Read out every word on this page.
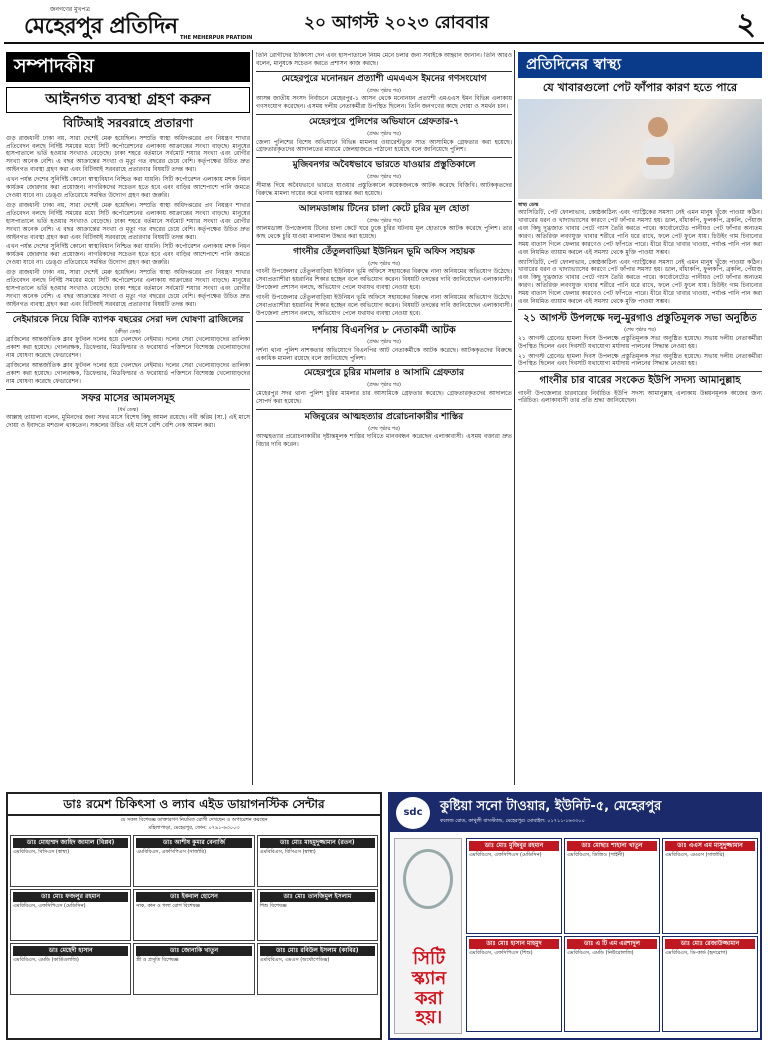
জনগণের মুখপত্র
মেহেরপুর প্রতিদিন THE MEHERPUR PRATIDIN
২০ আগস্ট ২০২৩ রোববার	২
সম্পাদকীয়
আইনগত ব্যবস্থা গ্রহণ করুন
বিটিআই সরবরাহে প্রতারণা

গুড় রাজধানী ঢাকা নয়, সারা দেশেই মেরু হয়েছিল। সম্প্রতি স্বাস্থ্য অধিদপ্তরের প্রণ নিয়ন্ত্রণ শাখার প্রতিবেদন বলছে নির্দিষ্ট সময়ের মধ্যে সিটি কর্পোরেশনের এলাকায় আক্রান্তের সংখ্যা বাড়ছে। মানুষের হাসপাতালে ভর্তি হওয়ার সংখ্যাও বেড়েছে। ঢাকা শহরে বর্তমানে সর্বমোট শয্যার সংখ্যা এবং রোগীর সংখ্যা অনেক বেশি। এ বছর আক্রান্তের সংখ্যা ও মৃত্যু গত বছরের চেয়ে বেশি। কর্তৃপক্ষের উচিত দ্রুত আইনগত ব্যবস্থা গ্রহণ করা এবং বিটিআই সরবরাহে প্রতারণার বিষয়টি তদন্ত করা।

এখন পর্যন্ত দেশের সুনির্দিষ্ট কোনো স্বাস্থ্যবিধান নিশ্চিত করা যায়নি। সিটি কর্পোরেশন এলাকায় মশক নিধন কার্যক্রম জোরদার করা প্রয়োজন। নাগরিকদের সচেতন হতে হবে এবং বাড়ির আশেপাশে পানি জমতে দেওয়া যাবে না। ডেঙ্গু প্রতিরোধে সমন্বিত উদ্যোগ গ্রহণ করা জরুরি।

গুড় রাজধানী ঢাকা নয়, সারা দেশেই মেরু হয়েছিল। সম্প্রতি স্বাস্থ্য অধিদপ্তরের প্রণ নিয়ন্ত্রণ শাখার প্রতিবেদন বলছে নির্দিষ্ট সময়ের মধ্যে সিটি কর্পোরেশনের এলাকায় আক্রান্তের সংখ্যা বাড়ছে। মানুষের হাসপাতালে ভর্তি হওয়ার সংখ্যাও বেড়েছে। ঢাকা শহরে বর্তমানে সর্বমোট শয্যার সংখ্যা এবং রোগীর সংখ্যা অনেক বেশি। এ বছর আক্রান্তের সংখ্যা ও মৃত্যু গত বছরের চেয়ে বেশি। কর্তৃপক্ষের উচিত দ্রুত আইনগত ব্যবস্থা গ্রহণ করা এবং বিটিআই সরবরাহে প্রতারণার বিষয়টি তদন্ত করা।

এখন পর্যন্ত দেশের সুনির্দিষ্ট কোনো স্বাস্থ্যবিধান নিশ্চিত করা যায়নি। সিটি কর্পোরেশন এলাকায় মশক নিধন কার্যক্রম জোরদার করা প্রয়োজন। নাগরিকদের সচেতন হতে হবে এবং বাড়ির আশেপাশে পানি জমতে দেওয়া যাবে না। ডেঙ্গু প্রতিরোধে সমন্বিত উদ্যোগ গ্রহণ করা জরুরি।

গুড় রাজধানী ঢাকা নয়, সারা দেশেই মেরু হয়েছিল। সম্প্রতি স্বাস্থ্য অধিদপ্তরের প্রণ নিয়ন্ত্রণ শাখার প্রতিবেদন বলছে নির্দিষ্ট সময়ের মধ্যে সিটি কর্পোরেশনের এলাকায় আক্রান্তের সংখ্যা বাড়ছে। মানুষের হাসপাতালে ভর্তি হওয়ার সংখ্যাও বেড়েছে। ঢাকা শহরে বর্তমানে সর্বমোট শয্যার সংখ্যা এবং রোগীর সংখ্যা অনেক বেশি। এ বছর আক্রান্তের সংখ্যা ও মৃত্যু গত বছরের চেয়ে বেশি। কর্তৃপক্ষের উচিত দ্রুত আইনগত ব্যবস্থা গ্রহণ করা এবং বিটিআই সরবরাহে প্রতারণার বিষয়টি তদন্ত করা।

নেইমারকে নিয়ে বিক্রি ব্যাপক বছরের সেরা দল ঘোষণা ব্রাজিলের
(ক্রীড়া ডেস্ক)

ব্রাজিলের আন্তর্জাতিক ক্লাব ফুটবল দলের হয়ে খেলছেন নেইমার। দলের সেরা খেলোয়াড়দের তালিকা প্রকাশ করা হয়েছে। গোলরক্ষক, ডিফেন্ডার, মিডফিল্ডার ও ফরোয়ার্ড পজিশনে বিশেষজ্ঞ খেলোয়াড়দের নাম ঘোষণা করেছে ফেডারেশন।

ব্রাজিলের আন্তর্জাতিক ক্লাব ফুটবল দলের হয়ে খেলছেন নেইমার। দলের সেরা খেলোয়াড়দের তালিকা প্রকাশ করা হয়েছে। গোলরক্ষক, ডিফেন্ডার, মিডফিল্ডার ও ফরোয়ার্ড পজিশনে বিশেষজ্ঞ খেলোয়াড়দের নাম ঘোষণা করেছে ফেডারেশন।

সফর মাসের আমলসমূহ
(ধর্ম ডেস্ক)

আল্লাহ তায়ালা বলেন, মুমিনদের জন্য সফর মাসে বিশেষ কিছু আমল রয়েছে। নবী করিম (সা.) এই মাসে দোয়া ও ইবাদতে মশগুল থাকতেন। সকলের উচিত এই মাসে বেশি বেশি নেক আমল করা।

তিনি রোগীদের চিকিৎসা দেন এবং হাসপাতালে নিয়ম মেনে চলার জন্য সবাইকে আহ্বান জানান। তিনি আরও বলেন, মানুষকে সচেতন করতে প্রশাসন কাজ করছে।

মেহেরপুরে মনোনয়ন প্রত্যাশী এমএএস ইমনের গণসংযোগ
(প্রথম পৃষ্ঠার পর)

আসন্ন জাতীয় সংসদ নির্বাচনে মেহেরপুর-১ আসন থেকে মনোনয়ন প্রত্যাশী এমএএস ইমন বিভিন্ন এলাকায় গণসংযোগ করেছেন। এসময় দলীয় নেতাকর্মীরা উপস্থিত ছিলেন। তিনি জনগণের কাছে দোয়া ও সমর্থন চান।

মেহেরপুরে পুলিশের অভিযানে গ্রেফতার-৭
(প্রথম পৃষ্ঠার পর)

জেলা পুলিশের বিশেষ অভিযানে বিভিন্ন মামলার ওয়ারেন্টভুক্ত সাত আসামিকে গ্রেফতার করা হয়েছে। গ্রেফতারকৃতদের আদালতের মাধ্যমে জেলহাজতে পাঠানো হয়েছে বলে জানিয়েছে পুলিশ।

মুজিবনগর অবৈধভাবে ভারতে যাওয়ার প্রস্তুতিকালে
(প্রথম পৃষ্ঠার পর)

সীমান্ত দিয়ে অবৈধভাবে ভারতে যাওয়ার প্রস্তুতিকালে কয়েকজনকে আটক করেছে বিজিবি। আটককৃতদের বিরুদ্ধে মামলা দায়ের করে থানায় হস্তান্তর করা হয়েছে।

আলমডাঙ্গায় টিনের চালা কেটে চুরির মূল হোতা
(প্রথম পৃষ্ঠার পর)

আলমডাঙ্গা উপজেলায় টিনের চালা কেটে ঘরে ঢুকে চুরির ঘটনায় মূল হোতাকে আটক করেছে পুলিশ। তার কাছ থেকে চুরি যাওয়া মালামাল উদ্ধার করা হয়েছে।

গাংনীর তেঁতুলবাড়িয়া ইউনিয়ন ভূমি অফিস সহায়ক
(শেষ পৃষ্ঠার পর)

গাংনী উপজেলার তেঁতুলবাড়িয়া ইউনিয়ন ভূমি অফিসে সহায়কের বিরুদ্ধে নানা অনিয়মের অভিযোগ উঠেছে। সেবাপ্রত্যাশীরা হয়রানির শিকার হচ্ছেন বলে অভিযোগ করেন। বিষয়টি তদন্তের দাবি জানিয়েছেন এলাকাবাসী। উপজেলা প্রশাসন বলছে, অভিযোগ পেলে যথাযথ ব্যবস্থা নেওয়া হবে।

গাংনী উপজেলার তেঁতুলবাড়িয়া ইউনিয়ন ভূমি অফিসে সহায়কের বিরুদ্ধে নানা অনিয়মের অভিযোগ উঠেছে। সেবাপ্রত্যাশীরা হয়রানির শিকার হচ্ছেন বলে অভিযোগ করেন। বিষয়টি তদন্তের দাবি জানিয়েছেন এলাকাবাসী। উপজেলা প্রশাসন বলছে, অভিযোগ পেলে যথাযথ ব্যবস্থা নেওয়া হবে।

দর্শনায় বিএনপির ৮ নেতাকর্মী আটক
(প্রথম পৃষ্ঠার পর)

দর্শনা থানা পুলিশ নাশকতার অভিযোগে বিএনপির আট নেতাকর্মীকে আটক করেছে। আটককৃতদের বিরুদ্ধে একাধিক মামলা রয়েছে বলে জানিয়েছে পুলিশ।

মেহেরপুরে চুরির মামলার ৪ আসামি গ্রেফতার
(প্রথম পৃষ্ঠার পর)

মেহেরপুর সদর থানা পুলিশ চুরির মামলার চার আসামিকে গ্রেফতার করেছে। গ্রেফতারকৃতদের আদালতে সোপর্দ করা হয়েছে।

মজিবুরের আত্মহত্যার প্ররোচনাকারীর শাস্তির
(শেষ পৃষ্ঠার পর)

আত্মহত্যার প্ররোচনাকারীর দৃষ্টান্তমূলক শাস্তির দাবিতে মানববন্ধন করেছেন এলাকাবাসী। এসময় বক্তারা দ্রুত বিচার দাবি করেন।

প্রতিদিনের স্বাস্থ্য
যে খাবারগুলো পেট ফাঁপার কারণ হতে পারে
স্বাস্থ্য ডেস্ক

অ্যাসিডিটি, পেট ফোলাভাব, কোষ্ঠকাঠিন্য এবং গ্যাস্ট্রিকের সমস্যা নেই এমন মানুষ খুঁজে পাওয়া কঠিন। খাবারের ধরন ও খাদ্যাভ্যাসের কারণে পেট ফাঁপার সমস্যা হয়। ডাল, বাঁধাকপি, ফুলকপি, ব্রকলি, পেঁয়াজ এবং কিছু দুগ্ধজাত খাবার পেটে গ্যাস তৈরি করতে পারে। কার্বোনেটেড পানীয়ও পেট ফাঁপার অন্যতম কারণ। অতিরিক্ত লবণযুক্ত খাবার শরীরে পানি ধরে রাখে, ফলে পেট ফুলে যায়। চিউইং গাম চিবানোর সময় বাতাস গিলে ফেলার কারণেও পেট ফাঁপতে পারে। ধীরে ধীরে খাবার খাওয়া, পর্যাপ্ত পানি পান করা এবং নিয়মিত ব্যায়াম করলে এই সমস্যা থেকে মুক্তি পাওয়া সম্ভব।

অ্যাসিডিটি, পেট ফোলাভাব, কোষ্ঠকাঠিন্য এবং গ্যাস্ট্রিকের সমস্যা নেই এমন মানুষ খুঁজে পাওয়া কঠিন। খাবারের ধরন ও খাদ্যাভ্যাসের কারণে পেট ফাঁপার সমস্যা হয়। ডাল, বাঁধাকপি, ফুলকপি, ব্রকলি, পেঁয়াজ এবং কিছু দুগ্ধজাত খাবার পেটে গ্যাস তৈরি করতে পারে। কার্বোনেটেড পানীয়ও পেট ফাঁপার অন্যতম কারণ। অতিরিক্ত লবণযুক্ত খাবার শরীরে পানি ধরে রাখে, ফলে পেট ফুলে যায়। চিউইং গাম চিবানোর সময় বাতাস গিলে ফেলার কারণেও পেট ফাঁপতে পারে। ধীরে ধীরে খাবার খাওয়া, পর্যাপ্ত পানি পান করা এবং নিয়মিত ব্যায়াম করলে এই সমস্যা থেকে মুক্তি পাওয়া সম্ভব।

২১ আগস্ট উপলক্ষে দলু-মুরগাও প্রস্তুতিমূলক সভা অনুষ্ঠিত
(শেষ পৃষ্ঠার পর)

২১ আগস্ট গ্রেনেড হামলা দিবস উপলক্ষে প্রস্তুতিমূলক সভা অনুষ্ঠিত হয়েছে। সভায় দলীয় নেতাকর্মীরা উপস্থিত ছিলেন এবং দিবসটি যথাযোগ্য মর্যাদায় পালনের সিদ্ধান্ত নেওয়া হয়।

২১ আগস্ট গ্রেনেড হামলা দিবস উপলক্ষে প্রস্তুতিমূলক সভা অনুষ্ঠিত হয়েছে। সভায় দলীয় নেতাকর্মীরা উপস্থিত ছিলেন এবং দিবসটি যথাযোগ্য মর্যাদায় পালনের সিদ্ধান্ত নেওয়া হয়।

গাংনীর চার বারের সংকেত ইউপি সদস্য আমানুল্লাহ

গাংনী উপজেলার চারবারের নির্বাচিত ইউপি সদস্য আমানুল্লাহ এলাকায় উন্নয়নমূলক কাজের জন্য পরিচিত। এলাকাবাসী তার প্রতি শ্রদ্ধা জানিয়েছেন।

ডাঃ রমেশ চিকিৎসা ও ল্যাব এইড ডায়াগনস্টিক সেন্টার
যে সকল বিশেষজ্ঞ ডাক্তারগণ নিয়মিত রোগী দেখছেন ও অপারেশন করছেন
মহিলাপাড়া, মেহেরপুর, ফোন: ০৭৯১-৬৩০০৩
ডাঃ মোহাম্মদ জাহিদ জামাল (বিপ্লব)
এমবিবিএস, বিসিএস (স্বাস্থ্য)
ডাঃ আশীষ কুমার বেনার্জি
এমবিবিএস, এফসিপিএস (সার্জারি)
ডাঃ মোঃ মাহমুদুজ্জামান (রতন)
এমবিবিএস, বিসিএস (স্বাস্থ্য)
ডাঃ মোঃ ফজলুর রহমান
এমবিবিএস, এফসিপিএস (মেডিসিন)
ডাঃ ইকবাল হোসেন
নাক, কান ও গলা রোগ বিশেষজ্ঞ
ডাঃ মোঃ তানজিমুল ইসলাম
শিশু বিশেষজ্ঞ
ডাঃ মেহেদী হাসান
এমবিবিএস, এমডি (কার্ডিওলজি)
ডাঃ জোনাকি খাতুন
স্ত্রী ও প্রসূতি বিশেষজ্ঞ
ডাঃ মোঃ রবিউল ইসলাম (কাবির)
এমবিবিএস, এমএস (অর্থোপেডিক্স)
sdc	কুষ্টিয়া সনো টাওয়ার, ইউনিট-৫, মেহেরপুর
কলেজ রোড, কাথুলী বাসস্ট্যান্ড, মেহেরপুর। মোবাইল: ০১৭১১-১৬৩৩০০
সিটি স্ক্যান করা হয়।
ডাঃ মোঃ মুজিবুর রহমান
এমবিবিএস, এফসিপিএস (মেডিসিন)
ডাঃ মোছাঃ শাহানা খাতুন
এমবিবিএস, ডিজিও (গাইনী)
ডাঃ এএস এম মাসুদুজ্জামান
এমবিবিএস, এমএস (সার্জারি)
ডাঃ মোঃ হাসান মাহমুদ
এমবিবিএস, এফসিপিএস (শিশু)
ডাঃ এ টি এম এরশাদুল
এমবিবিএস, এমডি (নিউরোলজি)
ডাঃ মোঃ রেজাউজ্জামান
এমবিবিএস, ডি-কার্ড (হৃদরোগ)
